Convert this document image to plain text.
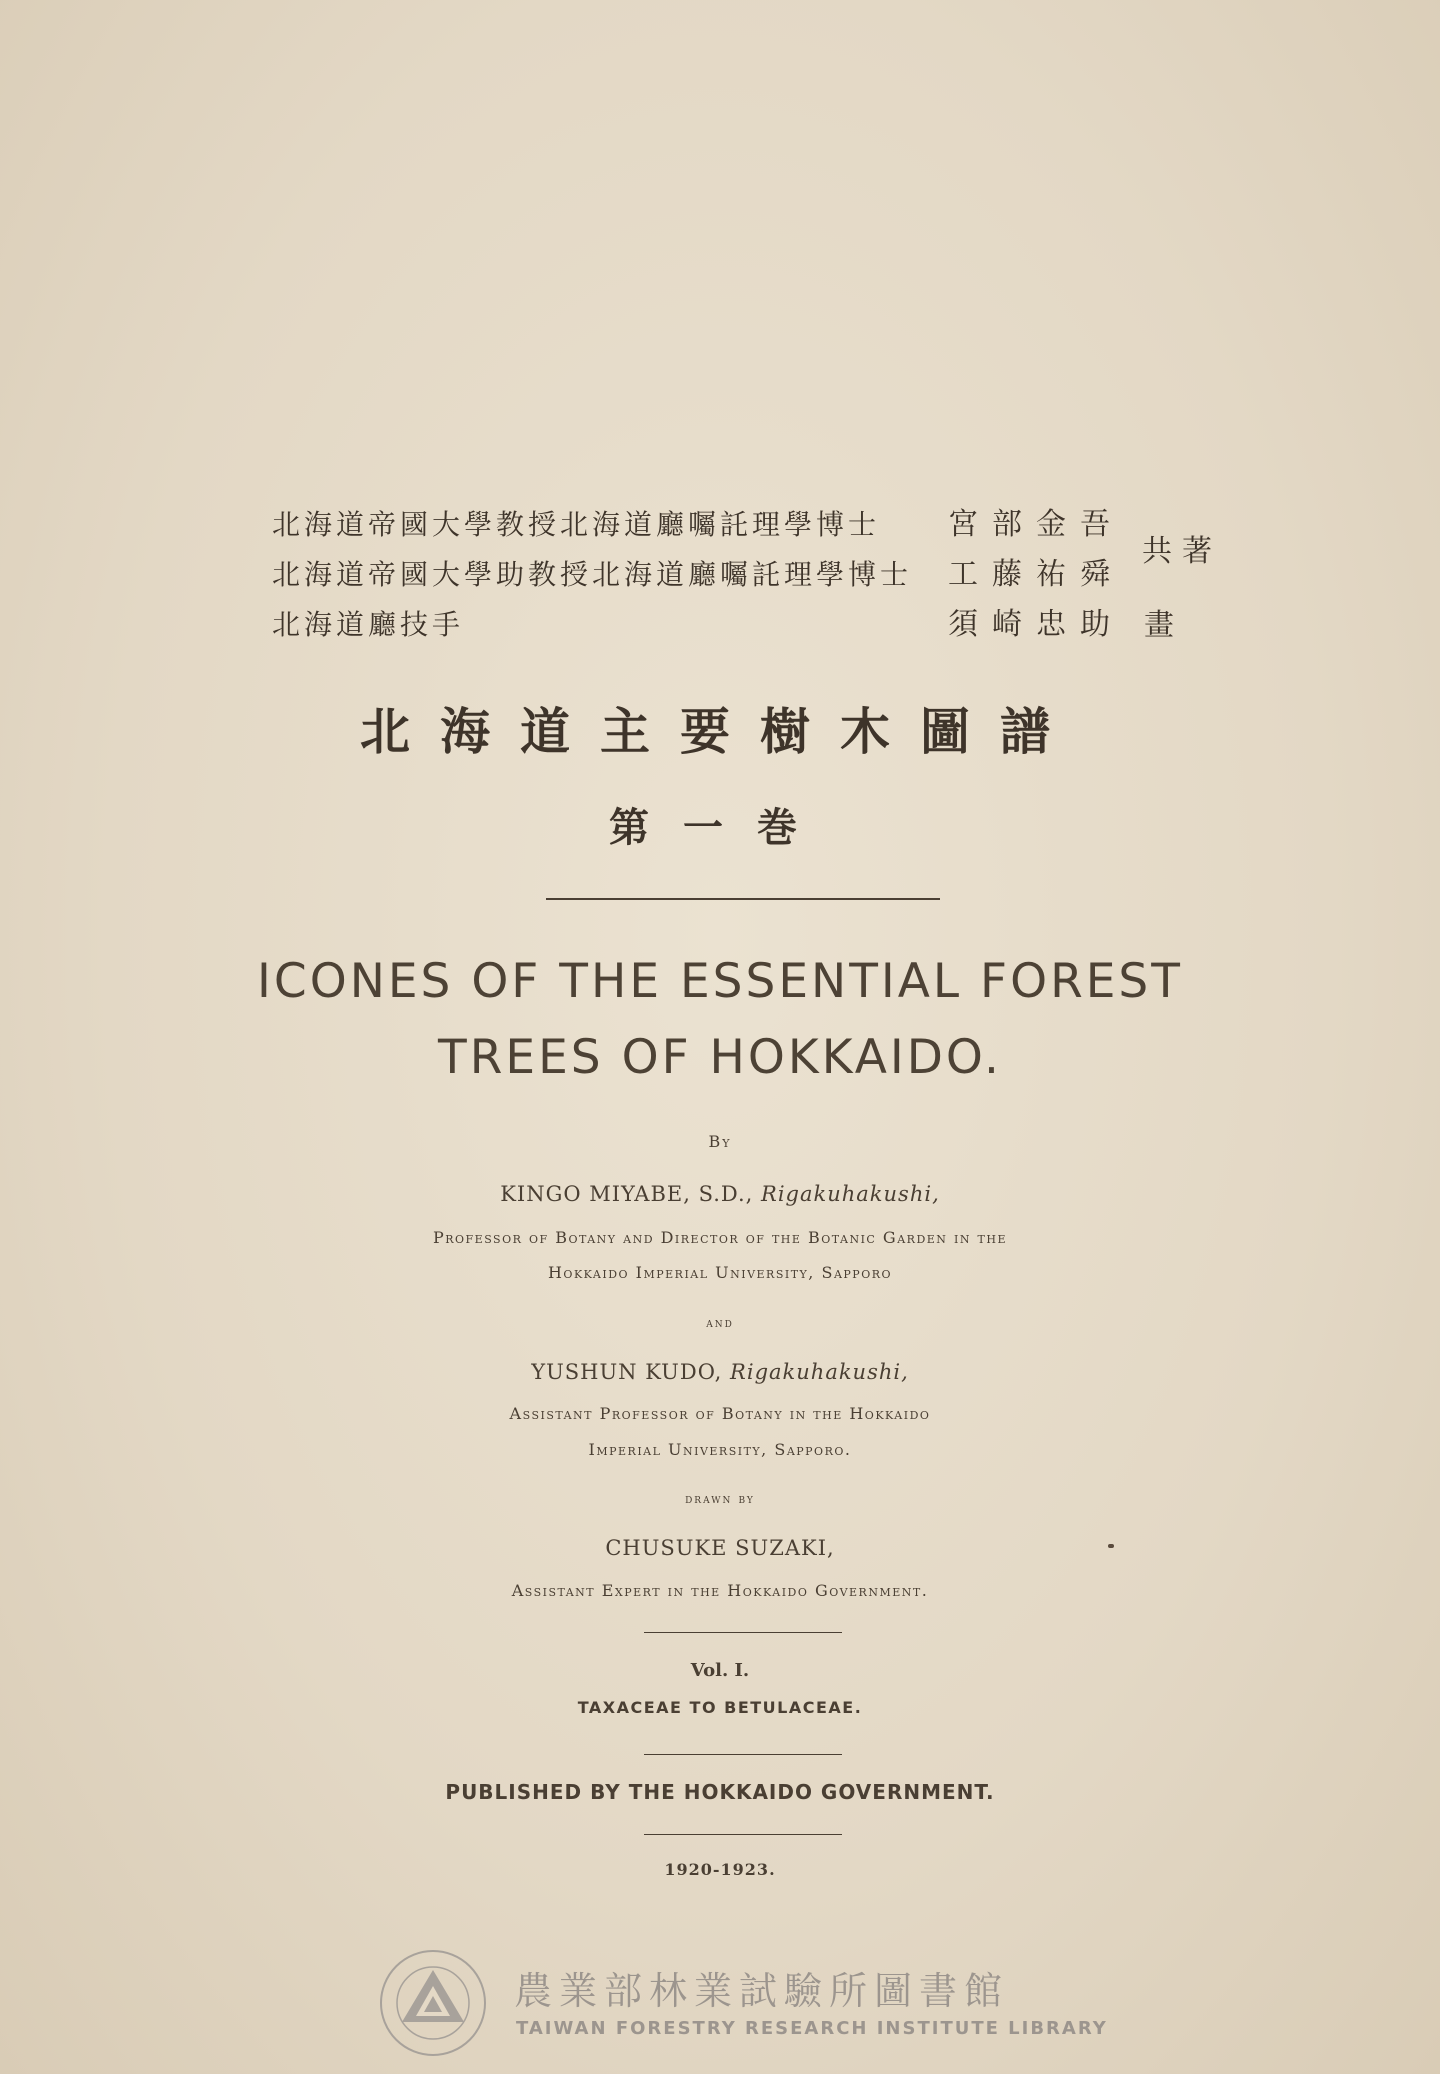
北海道帝國大學教授北海道廳囑託理學博士 宮部金吾
北海道帝國大學助教授北海道廳囑託理學博士 工藤祐舜
北海道廳技手	須崎忠助
共著
畫
北海道主要樹木圖譜
第一巻
ICONES OF THE ESSENTIAL FOREST
TREES OF HOKKAIDO.
By
KINGO MIYABE, S.D., Rigakuhakushi,
Professor of Botany and Director of the Botanic Garden in the
Hokkaido Imperial University, Sapporo
and
YUSHUN KUDO, Rigakuhakushi,
Assistant Professor of Botany in the Hokkaido
Imperial University, Sapporo.
drawn by
CHUSUKE SUZAKI,
Assistant Expert in the Hokkaido Government.
Vol. I.
TAXACEAE TO BETULACEAE.
PUBLISHED BY THE HOKKAIDO GOVERNMENT.
1920-1923.
農業部林業試驗所圖書館
TAIWAN FORESTRY RESEARCH INSTITUTE LIBRARY
